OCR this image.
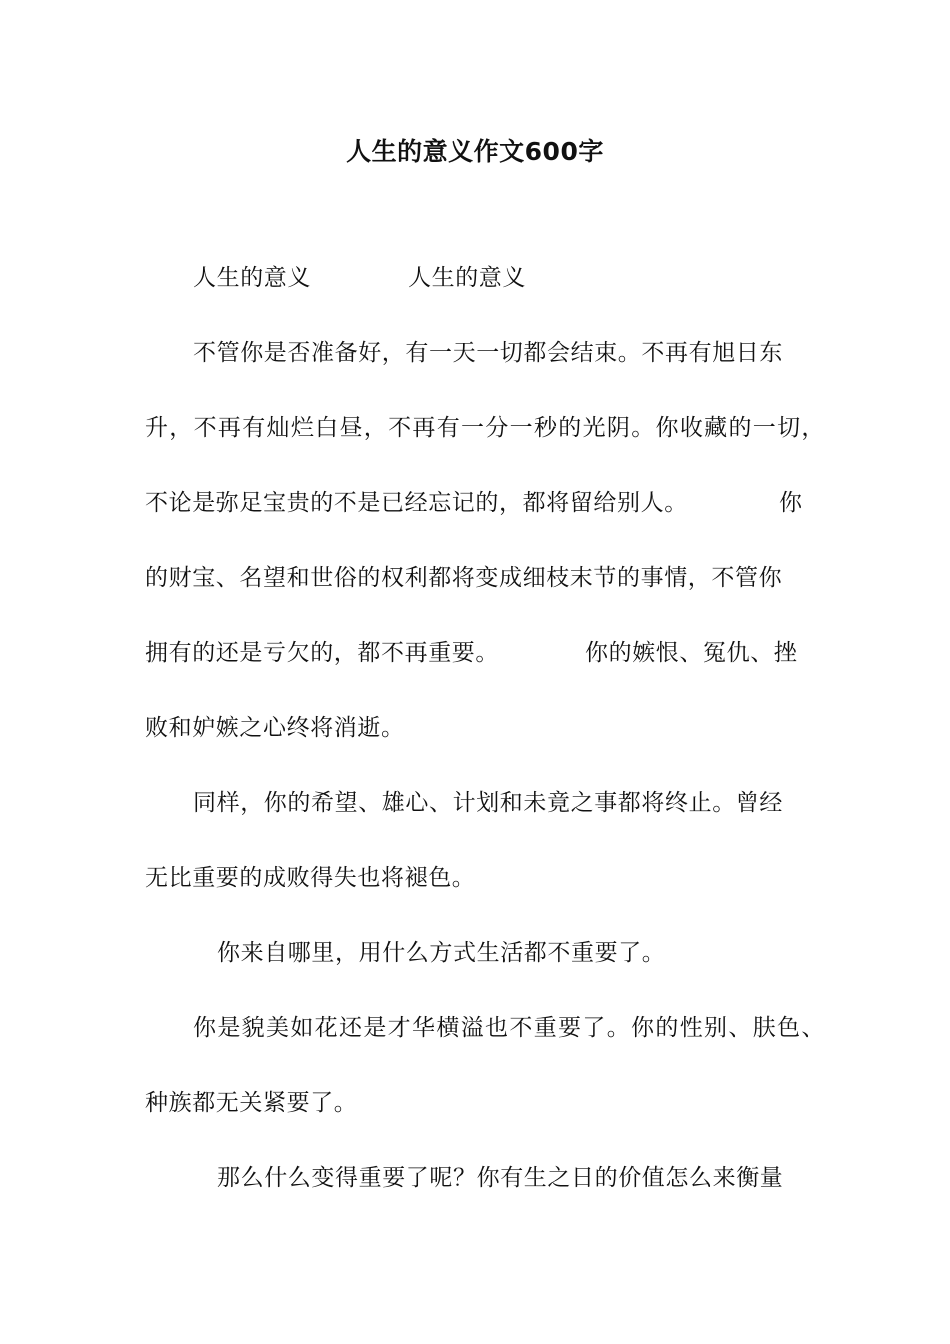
人生的意义作文600字
人生的意义	人生的意义
不管你是否准备好，有一天一切都会结束。不再有旭日东
升，不再有灿烂白昼，不再有一分一秒的光阴。你收藏的一切，
不论是弥足宝贵的不是已经忘记的，都将留给别人。	你
的财宝、名望和世俗的权利都将变成细枝末节的事情，不管你
拥有的还是亏欠的，都不再重要。	你的嫉恨、冤仇、挫
败和妒嫉之心终将消逝。
同样，你的希望、雄心、计划和未竟之事都将终止。曾经
无比重要的成败得失也将褪色。
你来自哪里，用什么方式生活都不重要了。
你是貌美如花还是才华横溢也不重要了。你的性别、肤色、
种族都无关紧要了。
那么什么变得重要了呢？你有生之日的价值怎么来衡量
